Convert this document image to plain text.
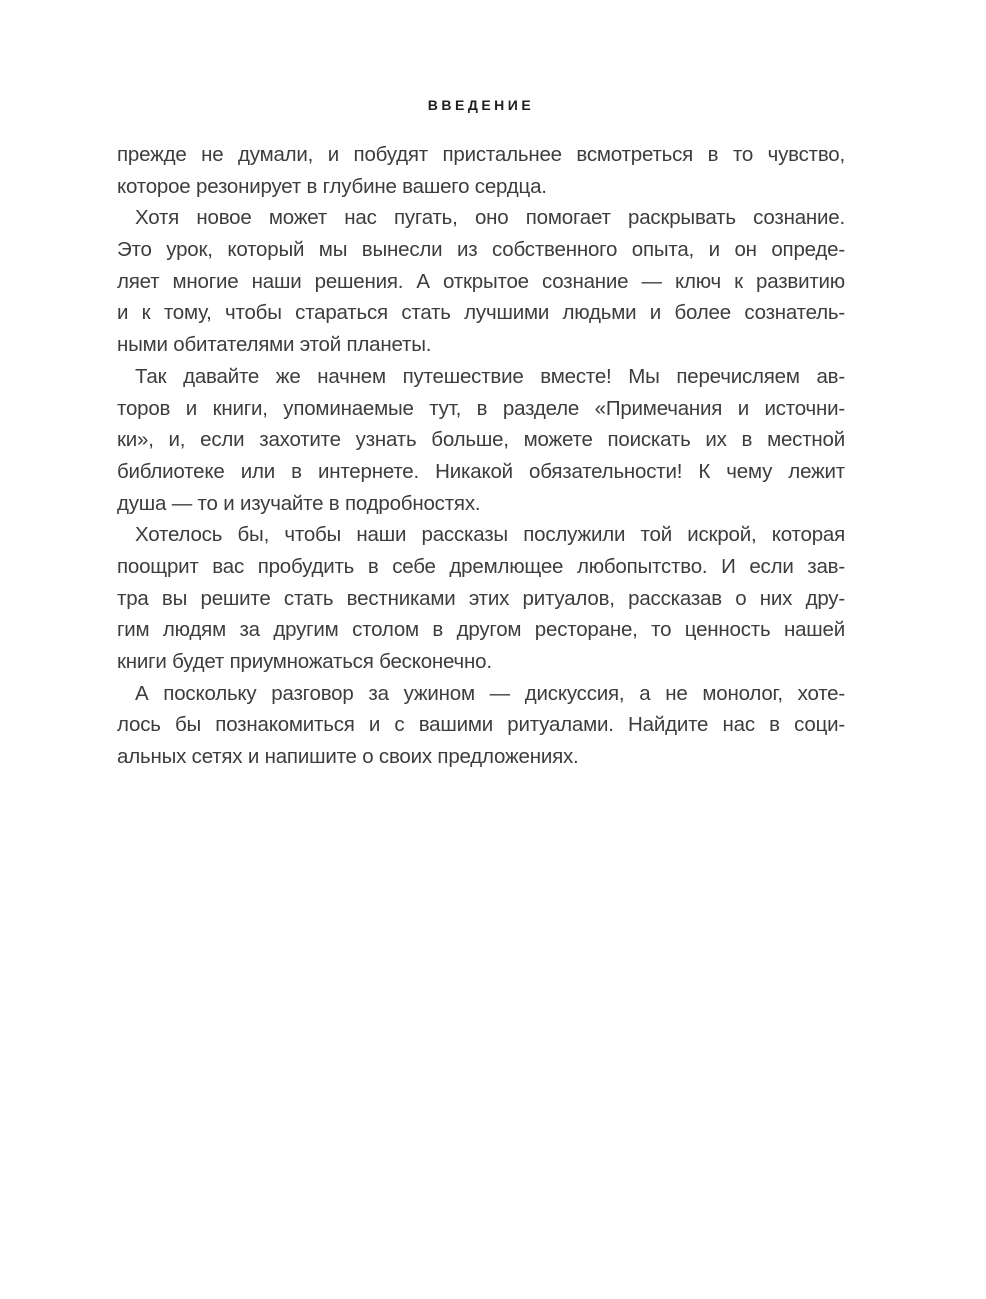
ВВЕДЕНИЕ
прежде не думали, и побудят пристальнее всмотреться в то чувство,
которое резонирует в глубине вашего сердца.
Хотя новое может нас пугать, оно помогает раскрывать сознание.
Это урок, который мы вынесли из собственного опыта, и он опреде-
ляет многие наши решения. А открытое сознание — ключ к развитию
и к тому, чтобы стараться стать лучшими людьми и более сознатель-
ными обитателями этой планеты.
Так давайте же начнем путешествие вместе! Мы перечисляем ав-
торов и книги, упоминаемые тут, в разделе «Примечания и источни-
ки», и, если захотите узнать больше, можете поискать их в местной
библиотеке или в интернете. Никакой обязательности! К чему лежит
душа — то и изучайте в подробностях.
Хотелось бы, чтобы наши рассказы послужили той искрой, которая
поощрит вас пробудить в себе дремлющее любопытство. И если зав-
тра вы решите стать вестниками этих ритуалов, рассказав о них дру-
гим людям за другим столом в другом ресторане, то ценность нашей
книги будет приумножаться бесконечно.
А поскольку разговор за ужином — дискуссия, а не монолог, хоте-
лось бы познакомиться и с вашими ритуалами. Найдите нас в соци-
альных сетях и напишите о своих предложениях.
